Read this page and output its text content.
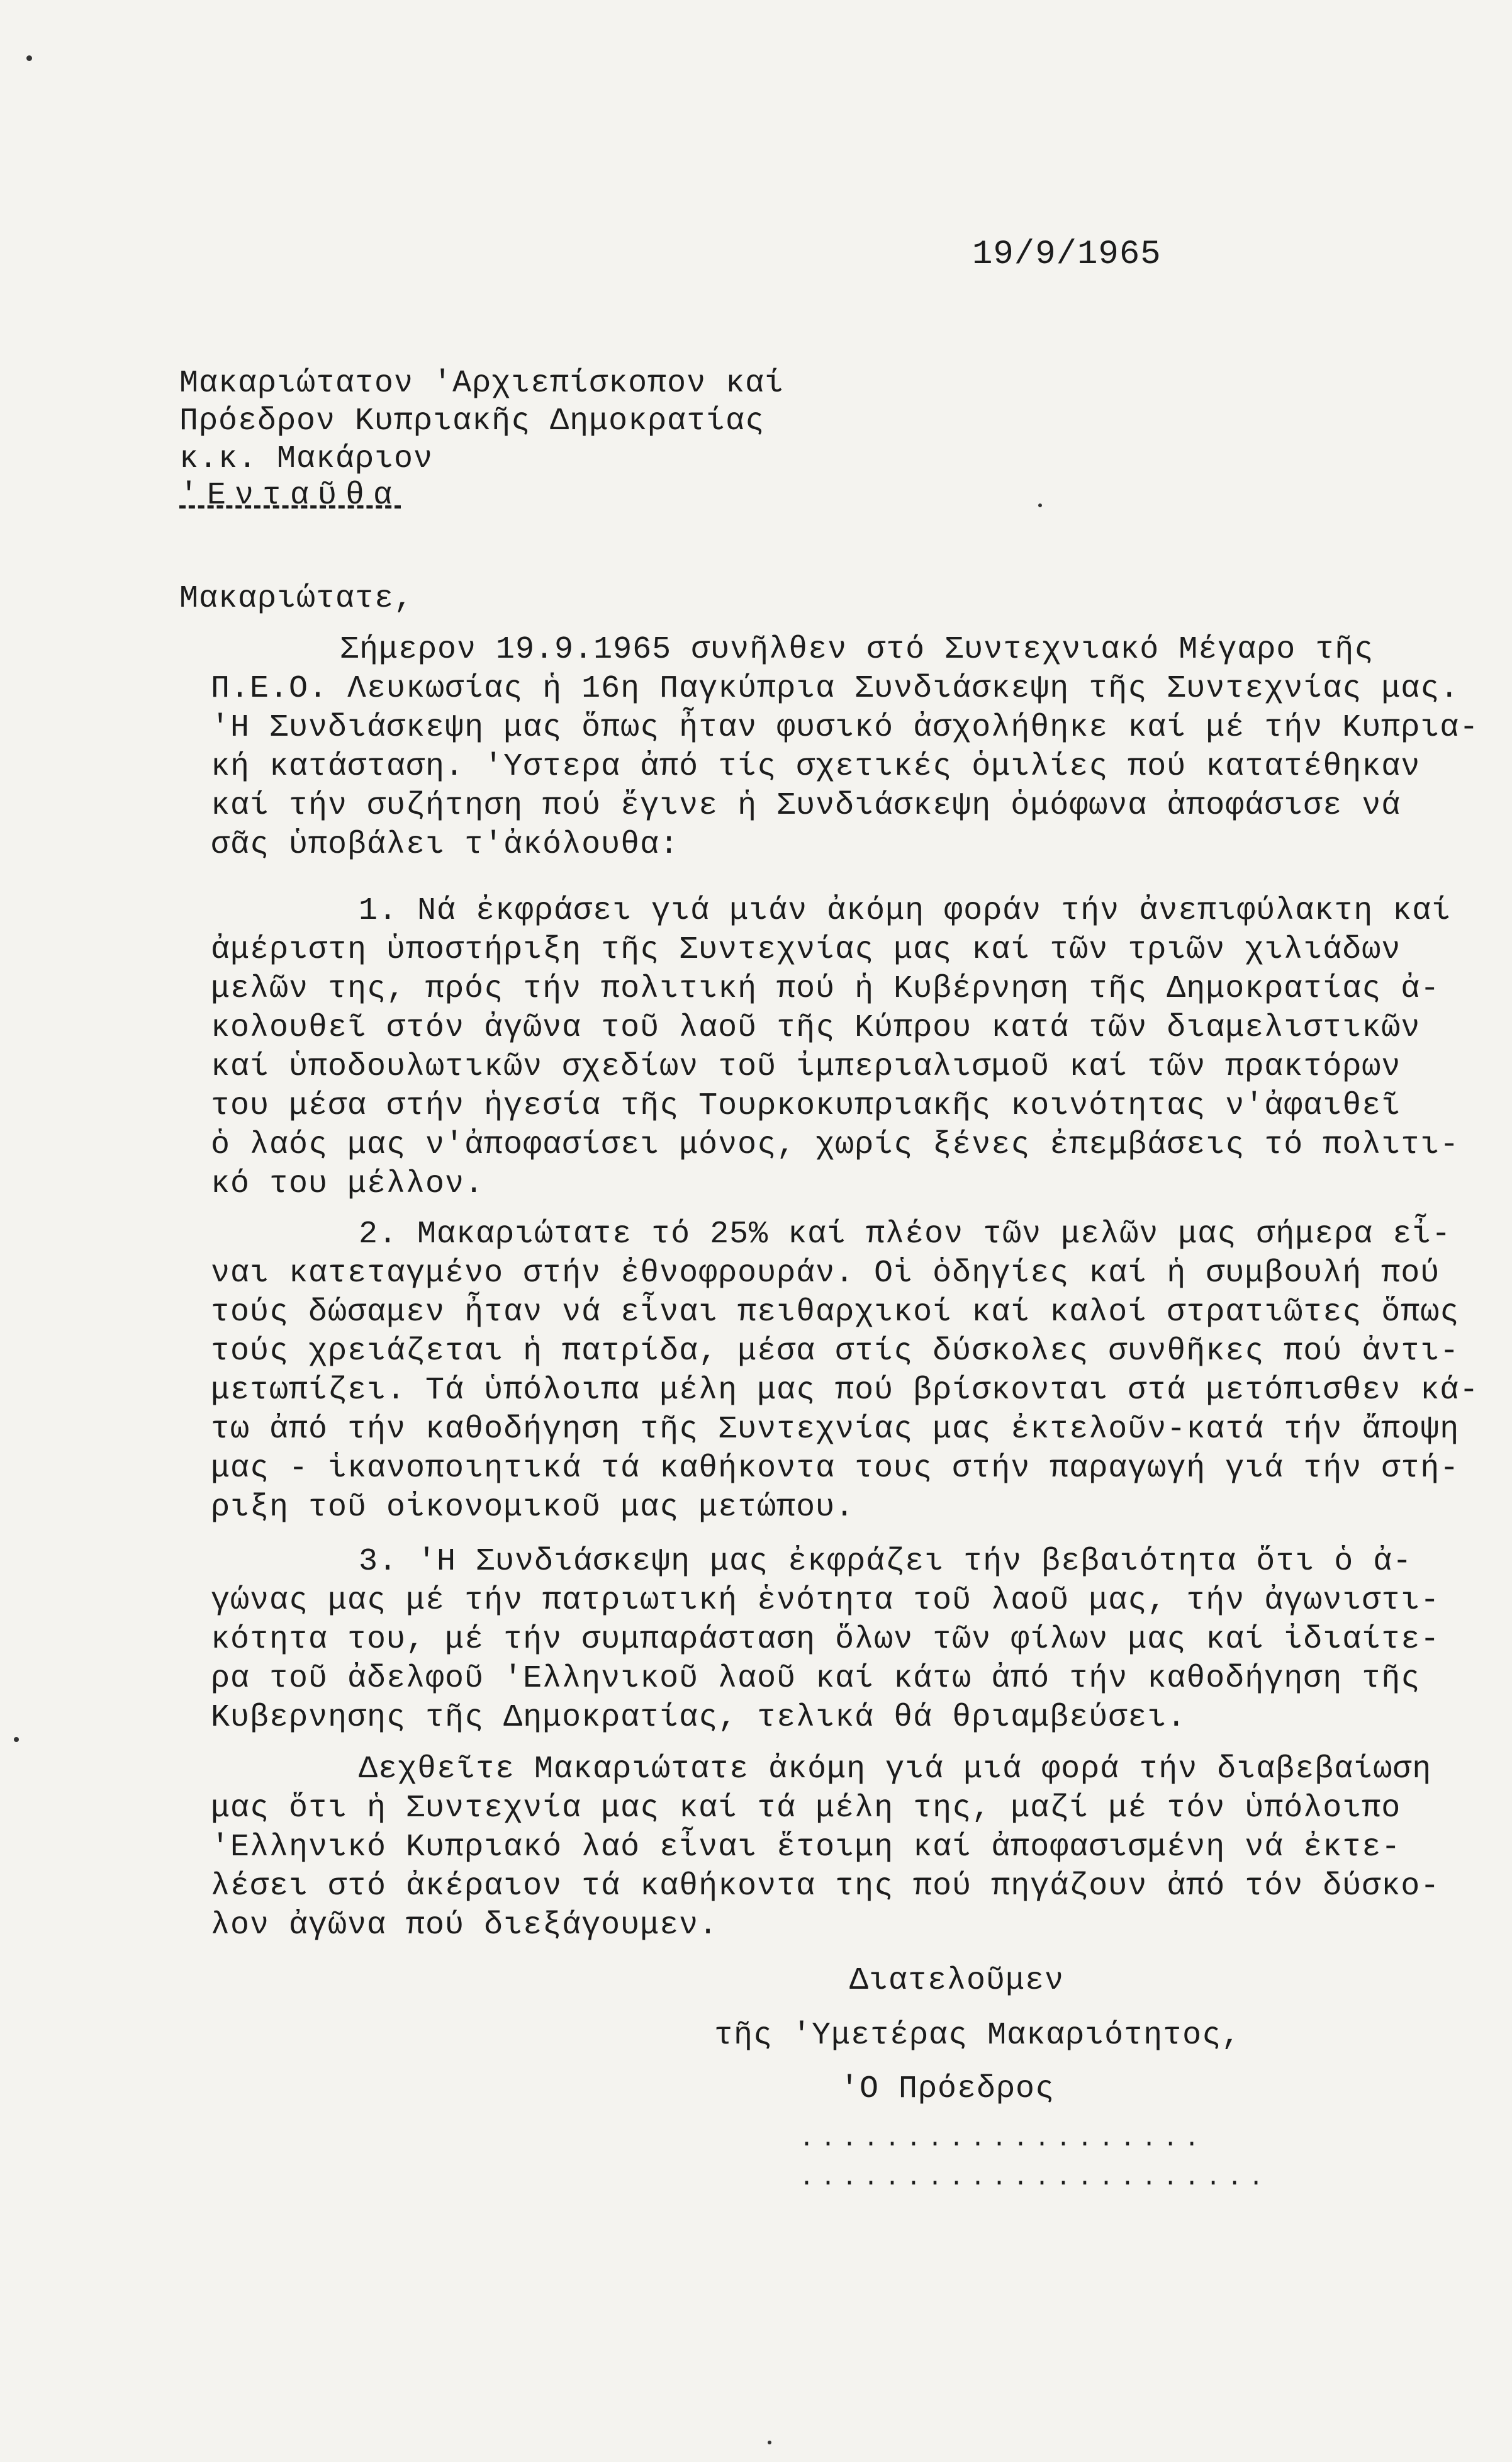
19/9/1965
Μακαριώτατον 'Αρχιεπίσκοπον καί
Πρόεδρον Κυπριακῆς Δημοκρατίας
κ.κ. Μακάριον
'Ενταῦθα
Μακαριώτατε,
Σήμερον 19.9.1965 συνῆλθεν στό Συντεχνιακό Μέγαρο τῆς
Π.Ε.Ο. Λευκωσίας ἡ 16η Παγκύπρια Συνδιάσκεψη τῆς Συντεχνίας μας.
'Η Συνδιάσκεψη μας ὅπως ἦταν φυσικό ἀσχολήθηκε καί μέ τήν Κυπρια-
κή κατάσταση. 'Υστερα ἀπό τίς σχετικές ὁμιλίες πού κατατέθηκαν
καί τήν συζήτηση πού ἔγινε ἡ Συνδιάσκεψη ὁμόφωνα ἀποφάσισε νά
σᾶς ὑποβάλει τ'ἀκόλουθα:
1. Νά ἐκφράσει γιά μιάν ἀκόμη φοράν τήν ἀνεπιφύλακτη καί
ἀμέριστη ὑποστήριξη τῆς Συντεχνίας μας καί τῶν τριῶν χιλιάδων
μελῶν της, πρός τήν πολιτική πού ἡ Κυβέρνηση τῆς Δημοκρατίας ἀ-
κολουθεῖ στόν ἀγῶνα τοῦ λαοῦ τῆς Κύπρου κατά τῶν διαμελιστικῶν
καί ὑποδουλωτικῶν σχεδίων τοῦ ἰμπεριαλισμοῦ καί τῶν πρακτόρων
του μέσα στήν ἡγεσία τῆς Τουρκοκυπριακῆς κοινότητας ν'ἀφαιθεῖ
ὁ λαός μας ν'ἀποφασίσει μόνος, χωρίς ξένες ἐπεμβάσεις τό πολιτι-
κό του μέλλον.
2. Μακαριώτατε τό 25% καί πλέον τῶν μελῶν μας σήμερα εἶ-
ναι κατεταγμένο στήν ἐθνοφρουράν. Οἱ ὁδηγίες καί ἡ συμβουλή πού
τούς δώσαμεν ἦταν νά εἶναι πειθαρχικοί καί καλοί στρατιῶτες ὅπως
τούς χρειάζεται ἡ πατρίδα, μέσα στίς δύσκολες συνθῆκες πού ἀντι-
μετωπίζει. Τά ὑπόλοιπα μέλη μας πού βρίσκονται στά μετόπισθεν κά-
τω ἀπό τήν καθοδήγηση τῆς Συντεχνίας μας ἐκτελοῦν-κατά τήν ἄποψη
μας - ἱκανοποιητικά τά καθήκοντα τους στήν παραγωγή γιά τήν στή-
ριξη τοῦ οἰκονομικοῦ μας μετώπου.
3. 'Η Συνδιάσκεψη μας ἐκφράζει τήν βεβαιότητα ὅτι ὁ ἀ-
γώνας μας μέ τήν πατριωτική ἑνότητα τοῦ λαοῦ μας, τήν ἀγωνιστι-
κότητα του, μέ τήν συμπαράσταση ὅλων τῶν φίλων μας καί ἰδιαίτε-
ρα τοῦ ἀδελφοῦ 'Ελληνικοῦ λαοῦ καί κάτω ἀπό τήν καθοδήγηση τῆς
Κυβερνησης τῆς Δημοκρατίας, τελικά θά θριαμβεύσει.
Δεχθεῖτε Μακαριώτατε ἀκόμη γιά μιά φορά τήν διαβεβαίωση
μας ὅτι ἡ Συντεχνία μας καί τά μέλη της, μαζί μέ τόν ὑπόλοιπο
'Ελληνικό Κυπριακό λαό εἶναι ἕτοιμη καί ἀποφασισμένη νά ἐκτε-
λέσει στό ἀκέραιον τά καθήκοντα της πού πηγάζουν ἀπό τόν δύσκο-
λον ἀγῶνα πού διεξάγουμεν.
Διατελοῦμεν
τῆς 'Υμετέρας Μακαριότητος,
'Ο Πρόεδρος
...................
......................
